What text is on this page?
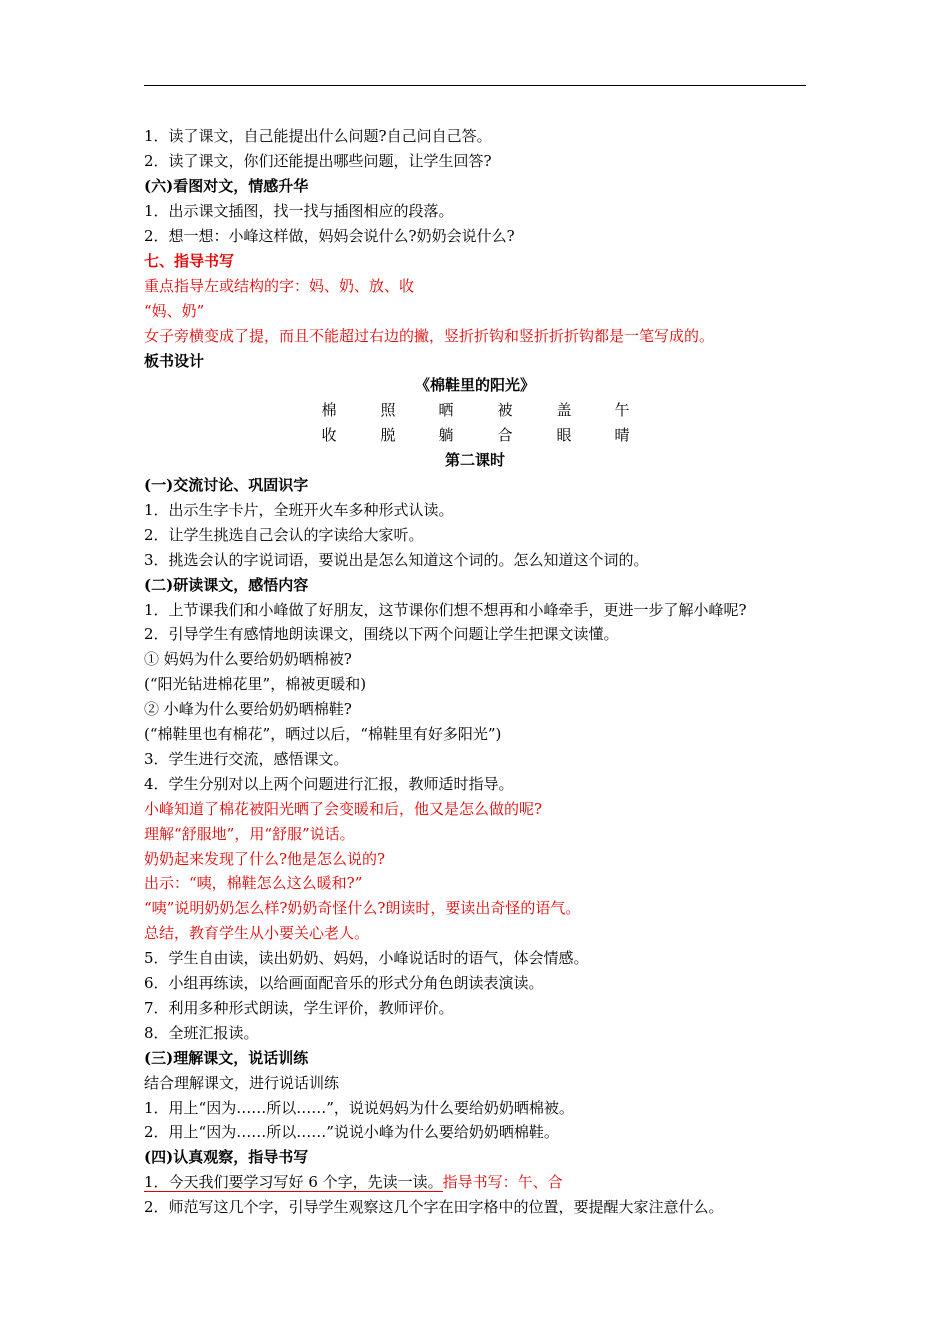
1．读了课文，自己能提出什么问题?自己问自己答。
2．读了课文，你们还能提出哪些问题，让学生回答?
(六)看图对文，情感升华
1．出示课文插图，找一找与插图相应的段落。
2．想一想：小峰这样做，妈妈会说什么?奶奶会说什么?
七、指导书写
重点指导左或结构的字：妈、奶、放、收
“妈、奶”
女子旁横变成了提，而且不能超过右边的撇，竖折折钩和竖折折折钩都是一笔写成的。
板书设计
《棉鞋里的阳光》
棉	照	晒	被	盖	午
收	脱	躺	合	眼	晴
第二课时
(一)交流讨论、巩固识字
1．出示生字卡片，全班开火车多种形式认读。
2．让学生挑选自己会认的字读给大家听。
3．挑选会认的字说词语，要说出是怎么知道这个词的。怎么知道这个词的。
(二)研读课文，感悟内容
1．上节课我们和小峰做了好朋友，这节课你们想不想再和小峰牵手，更进一步了解小峰呢?
2．引导学生有感情地朗读课文，围绕以下两个问题让学生把课文读懂。
① 妈妈为什么要给奶奶晒棉被?
(“阳光钻进棉花里”，棉被更暖和)
② 小峰为什么要给奶奶晒棉鞋?
(“棉鞋里也有棉花”，晒过以后，“棉鞋里有好多阳光”)
3．学生进行交流，感悟课文。
4．学生分别对以上两个问题进行汇报，教师适时指导。
小峰知道了棉花被阳光晒了会变暖和后，他又是怎么做的呢?
理解“舒服地”，用“舒服”说话。
奶奶起来发现了什么?他是怎么说的?
出示：“咦，棉鞋怎么这么暖和?”
“咦”说明奶奶怎么样?奶奶奇怪什么?朗读时，要读出奇怪的语气。
总结，教育学生从小要关心老人。
5．学生自由读，读出奶奶、妈妈，小峰说话时的语气，体会情感。
6．小组再练读，以给画面配音乐的形式分角色朗读表演读。
7．利用多种形式朗读，学生评价，教师评价。
8．全班汇报读。
(三)理解课文，说话训练
结合理解课文，进行说话训练
1．用上“因为……所以……”，说说妈妈为什么要给奶奶晒棉被。
2．用上“因为……所以……”说说小峰为什么要给奶奶晒棉鞋。
(四)认真观察，指导书写
1．今天我们要学习写好 6 个字，先读一读。指导书写：午、合
2．师范写这几个字，引导学生观察这几个字在田字格中的位置，要提醒大家注意什么。
